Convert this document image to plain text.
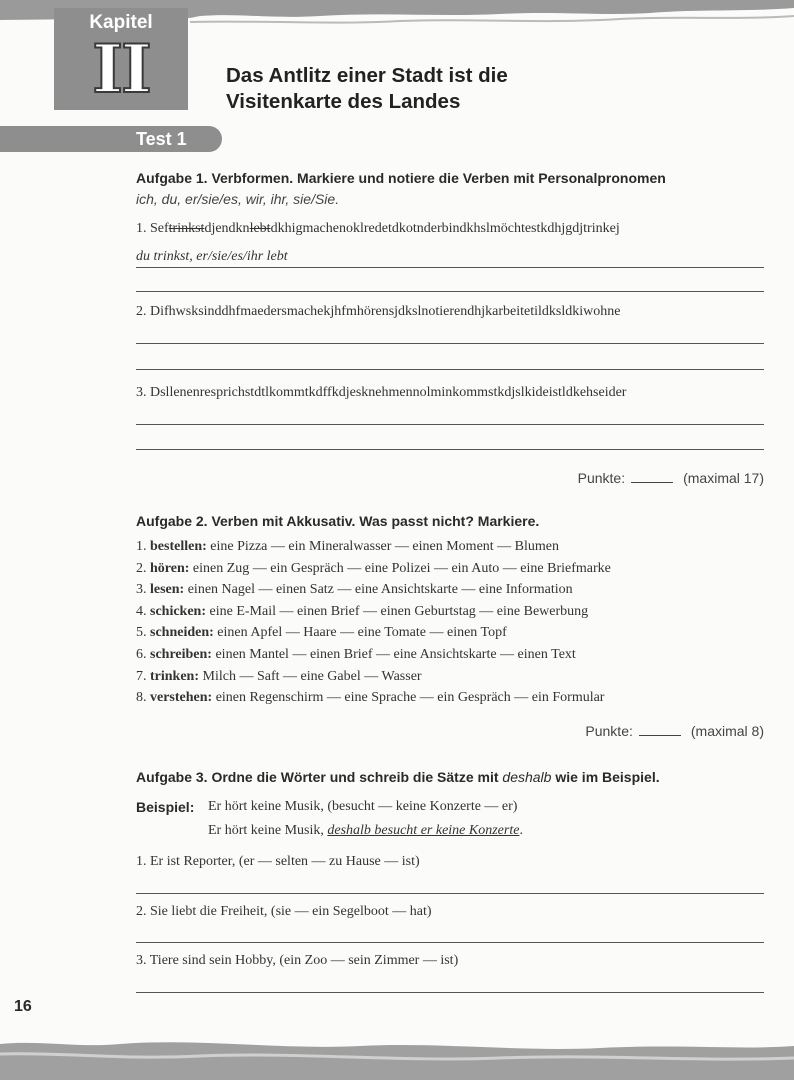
Kapitel
II	Das Antlitz einer Stadt ist die
Visitenkarte des Landes
Test 1
Aufgabe 1. Verbformen. Markiere und notiere die Verben mit Personalpronomen
ich, du, er/sie/es, wir, ihr, sie/Sie.
1. Seftrinkstdjendknlebtdkhigmachenoklredetdkotnderbindkhslmöchtestkdhjgdjtrinkej
du trinkst, er/sie/es/ihr lebt
2. Difhwsksinddhfmaedersmachekjhfmhörensjdkslnotierendhjkarbeitetildksldkiwohne
3. Dsllenenresprichstdtlkommtkdffkdjesknehmennolminkommstkdjslkideistldkehseider
Punkte:	(maximal 17)
Aufgabe 2. Verben mit Akkusativ. Was passt nicht? Markiere.
1. bestellen: eine Pizza — ein Mineralwasser — einen Moment — Blumen
2. hören: einen Zug — ein Gespräch — eine Polizei — ein Auto — eine Briefmarke
3. lesen: einen Nagel — einen Satz — eine Ansichtskarte — eine Information
4. schicken: eine E-Mail — einen Brief — einen Geburtstag — eine Bewerbung
5. schneiden: einen Apfel — Haare — eine Tomate — einen Topf
6. schreiben: einen Mantel — einen Brief — eine Ansichtskarte — einen Text
7. trinken: Milch — Saft — eine Gabel — Wasser
8. verstehen: einen Regenschirm — eine Sprache — ein Gespräch — ein Formular
Punkte:	(maximal 8)
Aufgabe 3. Ordne die Wörter und schreib die Sätze mit deshalb wie im Beispiel.
Beispiel: Er hört keine Musik, (besucht — keine Konzerte — er)
Er hört keine Musik, deshalb besucht er keine Konzerte.
1. Er ist Reporter, (er — selten — zu Hause — ist)
2. Sie liebt die Freiheit, (sie — ein Segelboot — hat)
3. Tiere sind sein Hobby, (ein Zoo — sein Zimmer — ist)
16
